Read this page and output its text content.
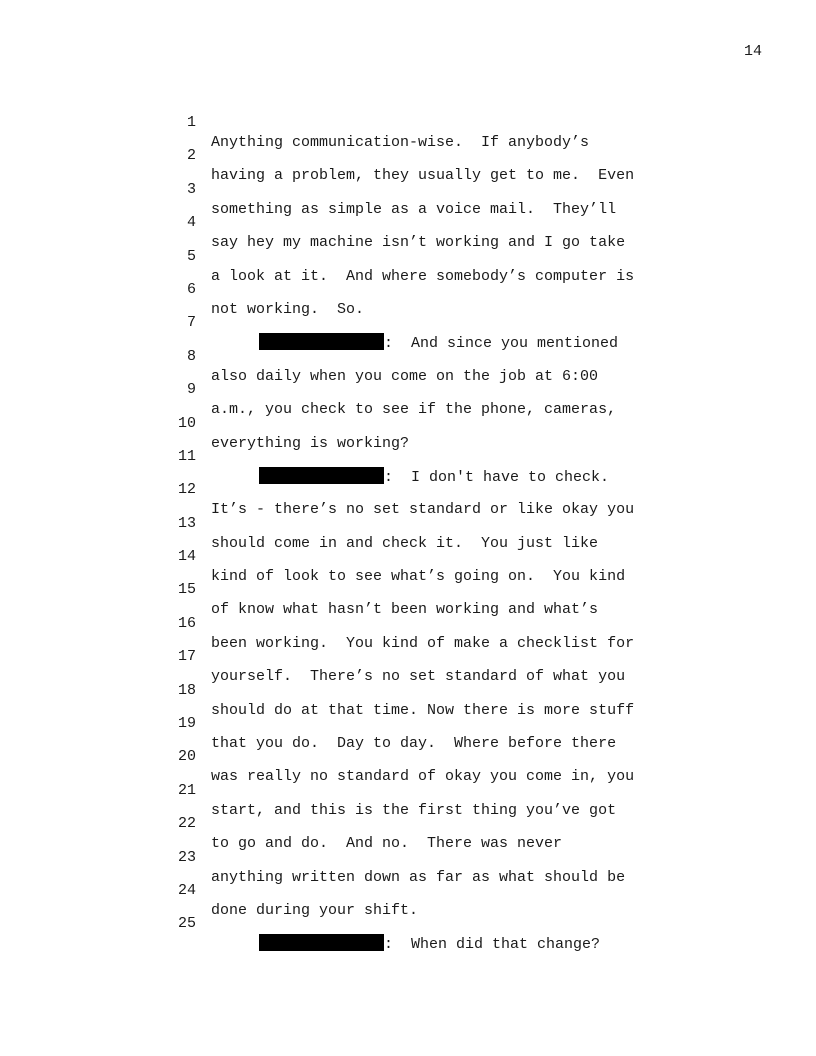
14

1

Anything communication-wise.  If anybody’s

2

having a problem, they usually get to me.  Even

3

something as simple as a voice mail.  They’ll

4

say hey my machine isn’t working and I go take

5

a look at it.  And where somebody’s computer is

6

not working.  So.

7

:  And since you mentioned

8

also daily when you come on the job at 6:00

9

a.m., you check to see if the phone, cameras,

10

everything is working?

11

:  I don't have to check.

12

It’s - there’s no set standard or like okay you

13

should come in and check it.  You just like

14

kind of look to see what’s going on.  You kind

15

of know what hasn’t been working and what’s

16

been working.  You kind of make a checklist for

17

yourself.  There’s no set standard of what you

18

should do at that time. Now there is more stuff

19

that you do.  Day to day.  Where before there

20

was really no standard of okay you come in, you

21

start, and this is the first thing you’ve got

22

to go and do.  And no.  There was never

23

anything written down as far as what should be

24

done during your shift.

25

:  When did that change?
